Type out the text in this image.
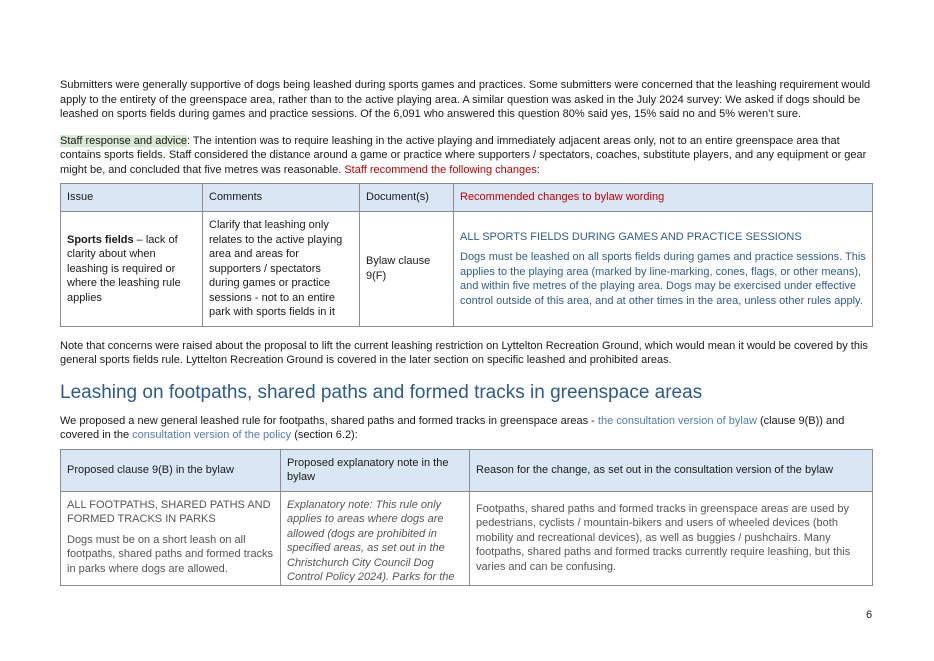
Submitters were generally supportive of dogs being leashed during sports games and practices. Some submitters were concerned that the leashing requirement would apply to the entirety of the greenspace area, rather than to the active playing area. A similar question was asked in the July 2024 survey: We asked if dogs should be leashed on sports fields during games and practice sessions. Of the 6,091 who answered this question 80% said yes, 15% said no and 5% weren’t sure.

Staff response and advice: The intention was to require leashing in the active playing and immediately adjacent areas only, not to an entire greenspace area that contains sports fields. Staff considered the distance around a game or practice where supporters / spectators, coaches, substitute players, and any equipment or gear might be, and concluded that five metres was reasonable. Staff recommend the following changes:

Issue	Comments	Document(s)	Recommended changes to bylaw wording
Sports fields – lack of clarity about when leashing is required or where the leashing rule applies	Clarify that leashing only relates to the active playing area and areas for supporters / spectators during games or practice sessions - not to an entire park with sports fields in it	Bylaw clause 9(F)	ALL SPORTS FIELDS DURING GAMES AND PRACTICE SESSIONS
Dogs must be leashed on all sports fields during games and practice sessions. This applies to the playing area (marked by line-marking, cones, flags, or other means), and within five metres of the playing area. Dogs may be exercised under effective control outside of this area, and at other times in the area, unless other rules apply.

Note that concerns were raised about the proposal to lift the current leashing restriction on Lyttelton Recreation Ground, which would mean it would be covered by this general sports fields rule. Lyttelton Recreation Ground is covered in the later section on specific leashed and prohibited areas.

Leashing on footpaths, shared paths and formed tracks in greenspace areas

We proposed a new general leashed rule for footpaths, shared paths and formed tracks in greenspace areas - the consultation version of bylaw (clause 9(B)) and covered in the consultation version of the policy (section 6.2):

Proposed clause 9(B) in the bylaw	Proposed explanatory note in the bylaw	Reason for the change, as set out in the consultation version of the bylaw

ALL FOOTPATHS, SHARED PATHS AND FORMED TRACKS IN PARKS
Dogs must be on a short leash on all footpaths, shared paths and formed tracks in parks where dogs are allowed.	Explanatory note: This rule only applies to areas where dogs are allowed (dogs are prohibited in specified areas, as set out in the Christchurch City Council Dog Control Policy 2024). Parks for the	Footpaths, shared paths and formed tracks in greenspace areas are used by pedestrians, cyclists / mountain-bikers and users of wheeled devices (both mobility and recreational devices), as well as buggies / pushchairs. Many footpaths, shared paths and formed tracks currently require leashing, but this varies and can be confusing.
6
